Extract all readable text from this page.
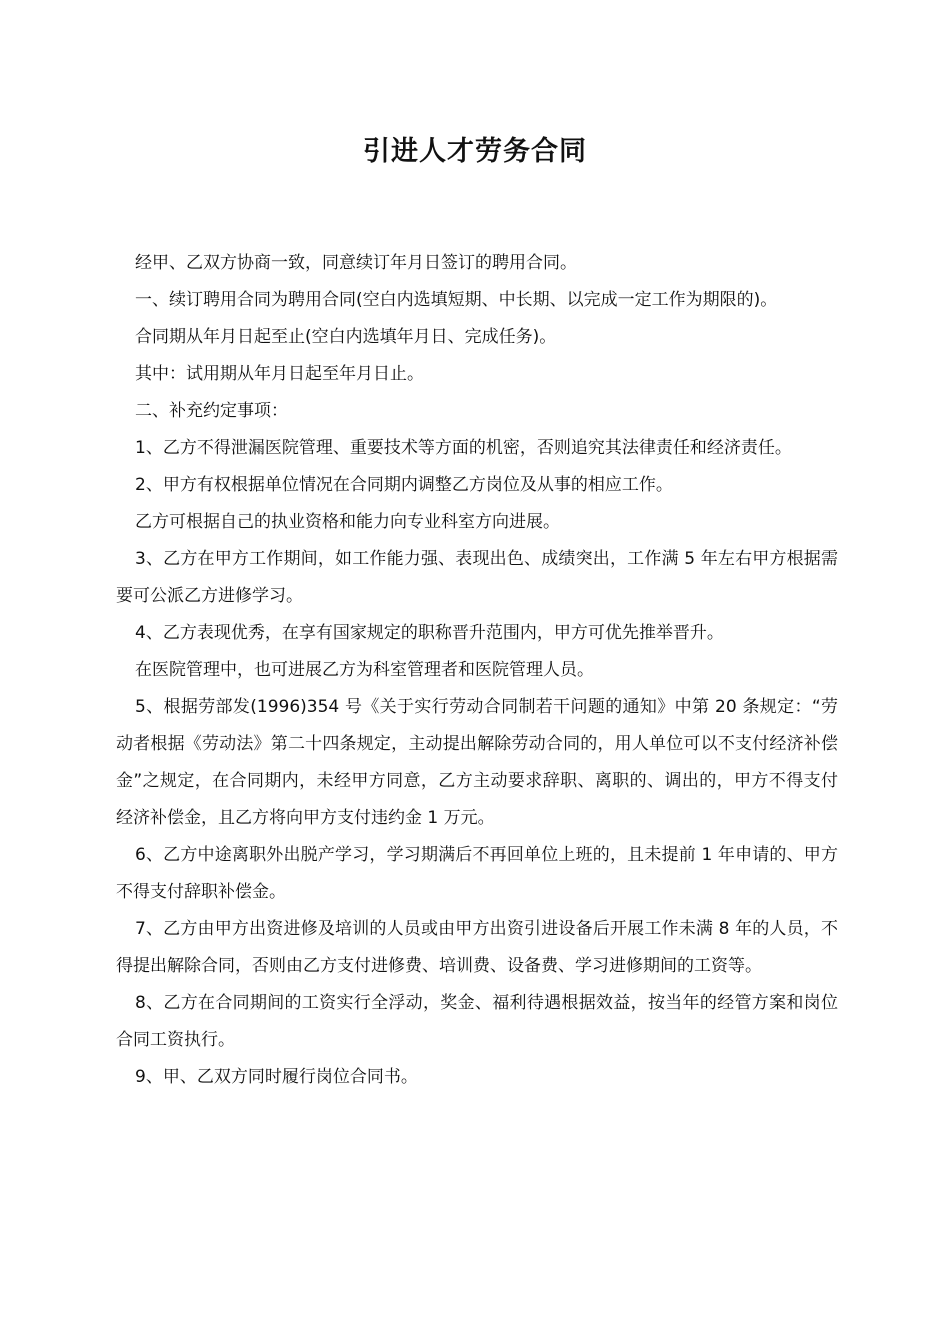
引进人才劳务合同

经甲、乙双方协商一致，同意续订年月日签订的聘用合同。

一、续订聘用合同为聘用合同(空白内选填短期、中长期、以完成一定工作为期限的)。

合同期从年月日起至止(空白内选填年月日、完成任务)。

其中：试用期从年月日起至年月日止。

二、补充约定事项：

1、乙方不得泄漏医院管理、重要技术等方面的机密，否则追究其法律责任和经济责任。

2、甲方有权根据单位情况在合同期内调整乙方岗位及从事的相应工作。

乙方可根据自己的执业资格和能力向专业科室方向进展。

3、乙方在甲方工作期间，如工作能力强、表现出色、成绩突出，工作满 5 年左右甲方根据需要可公派乙方进修学习。

4、乙方表现优秀，在享有国家规定的职称晋升范围内，甲方可优先推举晋升。

在医院管理中，也可进展乙方为科室管理者和医院管理人员。

5、根据劳部发(1996)354 号《关于实行劳动合同制若干问题的通知》中第 20 条规定：“劳动者根据《劳动法》第二十四条规定，主动提出解除劳动合同的，用人单位可以不支付经济补偿金”之规定，在合同期内，未经甲方同意，乙方主动要求辞职、离职的、调出的，甲方不得支付经济补偿金，且乙方将向甲方支付违约金 1 万元。

6、乙方中途离职外出脱产学习，学习期满后不再回单位上班的，且未提前 1 年申请的、甲方不得支付辞职补偿金。

7、乙方由甲方出资进修及培训的人员或由甲方出资引进设备后开展工作未满 8 年的人员，不得提出解除合同，否则由乙方支付进修费、培训费、设备费、学习进修期间的工资等。

8、乙方在合同期间的工资实行全浮动，奖金、福利待遇根据效益，按当年的经管方案和岗位合同工资执行。

9、甲、乙双方同时履行岗位合同书。
